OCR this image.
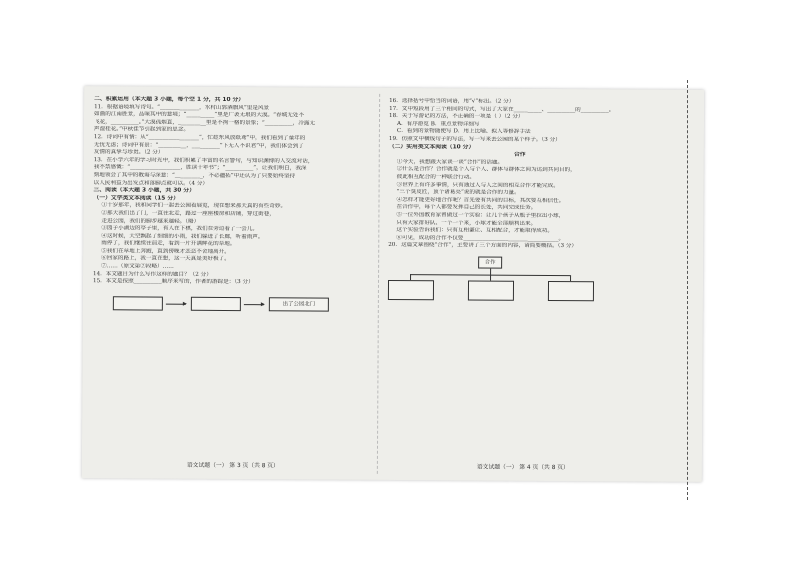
二、积累运用（本大题 3 小题，每个空 1 分，共 10 分）
11．根据语境填写诗句。“______________，水村山郭酒旗风”里是风景
如画的江南胜景，品味其中的意境；“__________”里是广袤无垠的大漠。“春城无处不
飞花，__________。”大漠孤烟直，__________里是不拘一格的景象；“__________，冷露无
声湿桂花。”中秋佳节引起到家的思念。
12．诗词中有情：从“__________________”，忙趁东风放纸鸢”中，我们看到了童年的
无忧无虑；诗词中有景：“__________，__________”下无人不识君”中，我们体会到了
友情的真挚与珍贵。（2 分）
13．在小学六年的学习时光中，我们积累了丰富的名言警句，与知识渊博的人交流对话，
我不禁感慨：“__________________，胜读十年书”；“__________”，让我们明白，我深
刻地领会了其中的教诲与深意：“__________，不必疆拓”中还认为了只要始终坚持
以人民利益为出发点和落脚点就可以。（4 分）
三、阅读（本大题 3 小题，共 30 分）
（一）文学类文本阅读（15 分）
①十岁那年，我和同学们一起去公园看展览，现在想来那天真的有些奇妙。
②那天我们出了门，一直往北走，路过一座座楼房和店铺，穿过街巷，
走进公园，我们的脚步越来越轻。（略）
③园子小湖边的亭子里，有人在下棋，我们在旁边看了一会儿。
④这时候，天空飘起了细细的小雨，我们躲进了长廊，听着雨声。
雨停了，我们继续往前走，看到一片开满鲜花的草地。
⑤我们在草地上奔跑，直到傍晚才恋恋不舍地离开。
⑥回家的路上，我一直在想，这一天真是美好极了。
⑦……（原文第⑦段略）……
14．本文题目为什么写作这样的题目？（2 分）
15．本文是按照__________顺序来写的，作者的游踪是：（3 分）
出了公园北门
16．选择括号中恰当的词语，用“√”标出。（2 分）
17．文中短段用了三个相同的句式，写出了大家在__________、__________的__________。
18．关于写游记的方法，不正确的一项是（ ）（2 分）
A．有序游览 B．重点景物详细写
C．看到的景物随便写 D．用上比喻、拟人等修辞手法
19．仿照文中横线句子的写法，写一写来去公园的某个样子。（3 分）
（二）实用类文本阅读（10 分）
合作
①今天，我想跟大家谈一谈“合作”的话题。
②什么是合作？合作就是个人与个人、群体与群体之间为达到共同目的，
彼此相互配合的一种联合行动。
③世界上有许多事情，只有通过人与人之间的相互合作才能完成。
“三个臭皮匠，顶个诸葛亮”说的就是合作的力量。
④怎样才能更好地合作呢？首先要有共同的目标，其次要互相信任。
在合作中，每个人都要发挥自己的长处，共同完成任务。
⑤一位外国教育家曾做过一个实验：让几个孩子从瓶子里拉出小球，
只有大家排好队、一个一个来，小球才能全部顺利出来。
这个实验告诉我们：只有互相谦让、互相配合，才能取得成功。
⑥可见，成功的合作不仅要__________________________________。
20．这篇文章围绕“合作”，主要讲了三个方面的内容，请简要概括。（3 分）
合作
语文试题（一） 第 3 页（共 8 页）	语文试题（一） 第 4 页（共 8 页）
